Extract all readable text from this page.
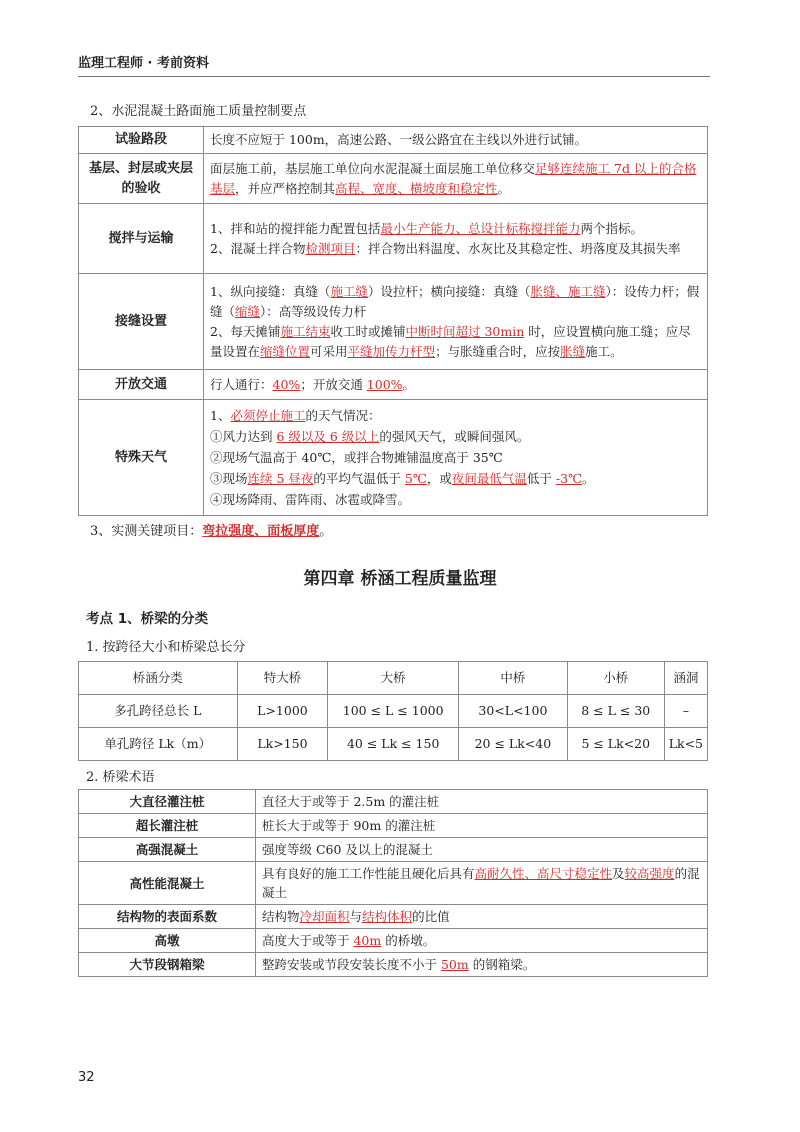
监理工程师 · 考前资料
2、水泥混凝土路面施工质量控制要点
试验路段	长度不应短于 100m，高速公路、一级公路宜在主线以外进行试铺。
基层、封层或夹层的验收	面层施工前，基层施工单位向水泥混凝土面层施工单位移交足够连续施工 7d 以上的合格基层，并应严格控制其高程、宽度、横坡度和稳定性。
搅拌与运输	1、拌和站的搅拌能力配置包括最小生产能力、总设计标称搅拌能力两个指标。
2、混凝土拌合物检测项目：拌合物出料温度、水灰比及其稳定性、坍落度及其损失率
接缝设置	1、纵向接缝：真缝（施工缝）设拉杆；横向接缝：真缝（胀缝、施工缝）：设传力杆；假缝（缩缝）：高等级设传力杆
2、每天摊铺施工结束收工时或摊铺中断时间超过 30min 时，应设置横向施工缝；应尽量设置在缩缝位置可采用平缝加传力杆型；与胀缝重合时，应按胀缝施工。
开放交通	行人通行：40%；开放交通 100%。
特殊天气	1、必须停止施工的天气情况：
①风力达到 6 级以及 6 级以上的强风天气，或瞬间强风。
②现场气温高于 40℃，或拌合物摊铺温度高于 35℃
③现场连续 5 昼夜的平均气温低于 5℃，或夜间最低气温低于 -3℃。
④现场降雨、雷阵雨、冰雹或降雪。
3、实测关键项目：弯拉强度、面板厚度。
第四章 桥涵工程质量监理
考点 1、桥梁的分类
1. 按跨径大小和桥梁总长分
桥涵分类	特大桥	大桥	中桥	小桥	涵洞
多孔跨径总长 L	L>1000	100 ≤ L ≤ 1000	30<L<100	8 ≤ L ≤ 30	–
单孔跨径 Lk（m）	Lk>150	40 ≤ Lk ≤ 150	20 ≤ Lk<40	5 ≤ Lk<20	Lk<5
2. 桥梁术语
大直径灌注桩	直径大于或等于 2.5m 的灌注桩
超长灌注桩	桩长大于或等于 90m 的灌注桩
高强混凝土	强度等级 C60 及以上的混凝土
高性能混凝土	具有良好的施工工作性能且硬化后具有高耐久性、高尺寸稳定性及较高强度的混凝土
结构物的表面系数	结构物冷却面积与结构体积的比值
高墩	高度大于或等于 40m 的桥墩。
大节段钢箱梁	整跨安装或节段安装长度不小于 50m 的钢箱梁。
32
